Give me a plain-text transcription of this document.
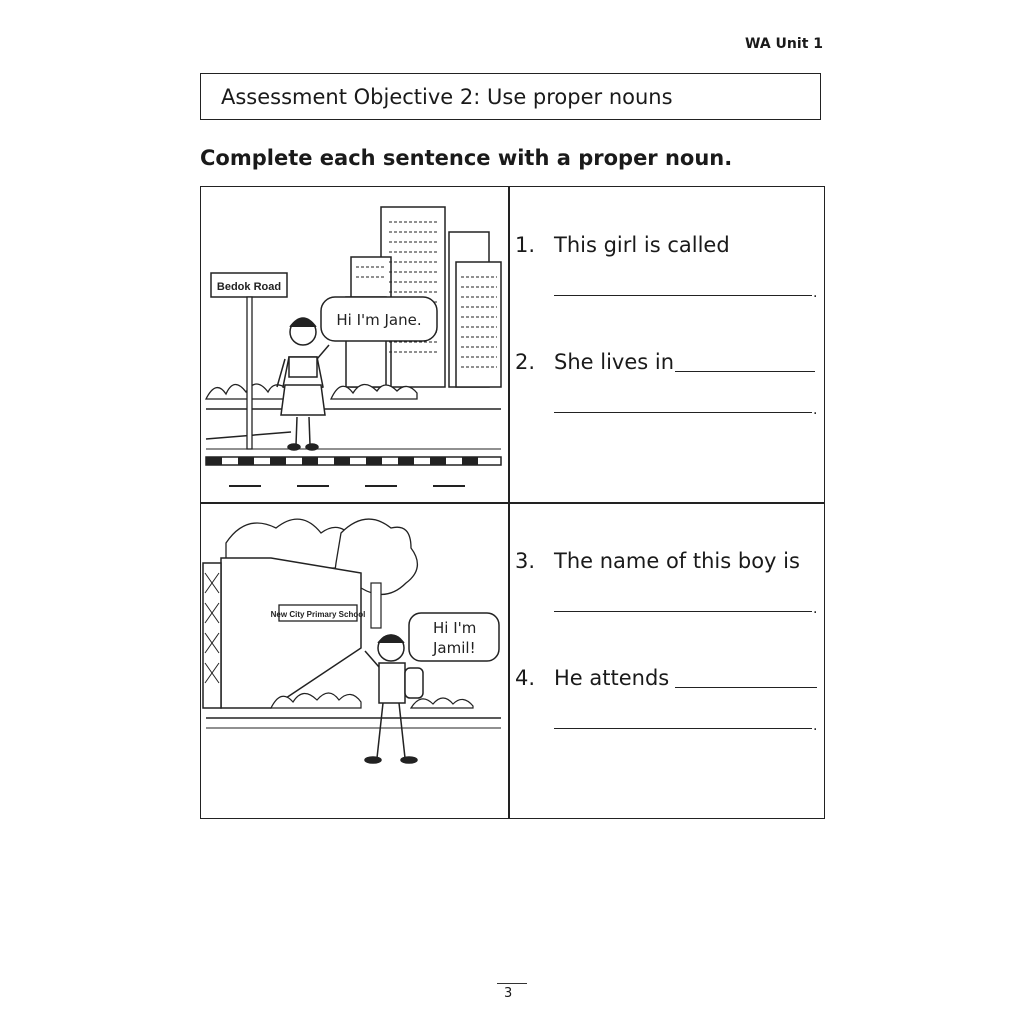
WA Unit 1
Assessment Objective 2: Use proper nouns
Complete each sentence with a proper noun.
Bedok Road
Hi I'm Jane.
New City Primary School
Hi I'm
Jamil!
1. This girl is called
.
2. She lives in
.
3. The name of this boy is
.
4. He attends
.
3
